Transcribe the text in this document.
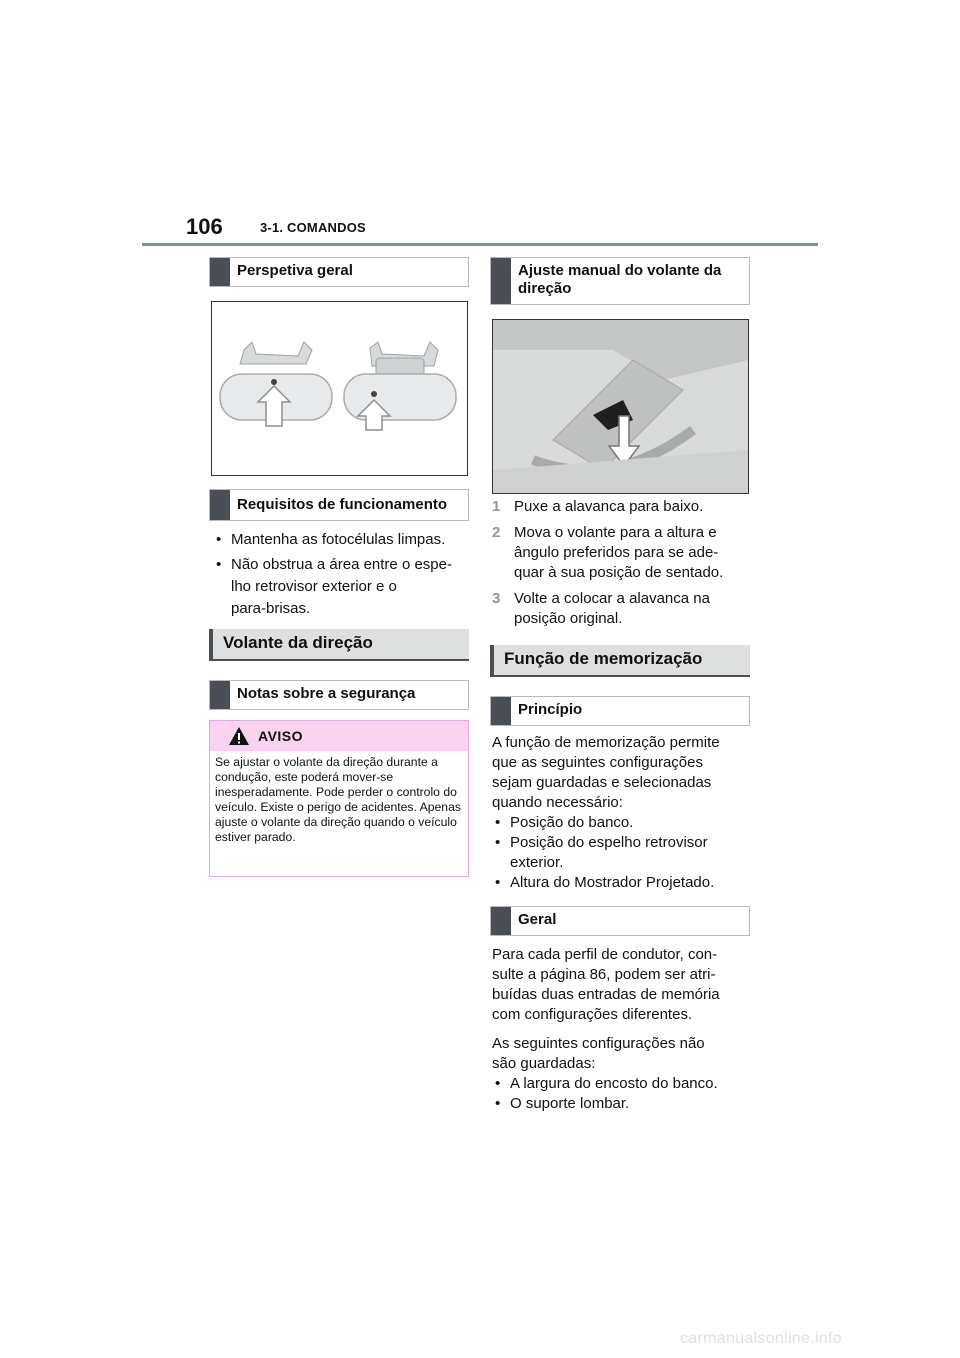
106	3-1. COMANDOS
Perspetiva geral
Requisitos de funcionamento
• Mantenha as fotocélulas limpas.
• Não obstrua a área entre o espe-
lho retrovisor exterior e o
para-brisas.
Volante da direção
Notas sobre a segurança
AVISO
Se ajustar o volante da direção durante a condução, este poderá mover-se inesperadamente. Pode perder o controlo do veículo. Existe o perigo de acidentes. Apenas ajuste o volante da direção quando o veículo estiver parado.
Ajuste manual do volante da direção
1 Puxe a alavanca para baixo.
2 Mova o volante para a altura e
ângulo preferidos para se ade-
quar à sua posição de sentado.
3 Volte a colocar a alavanca na
posição original.
Função de memorização
Princípio
A função de memorização permite
que as seguintes configurações
sejam guardadas e selecionadas
quando necessário:
• Posição do banco.
• Posição do espelho retrovisor
exterior.
• Altura do Mostrador Projetado.
Geral
Para cada perfil de condutor, con-
sulte a página 86, podem ser atri-
buídas duas entradas de memória
com configurações diferentes.
As seguintes configurações não
são guardadas:
• A largura do encosto do banco.
• O suporte lombar.
carmanualsonline.info
